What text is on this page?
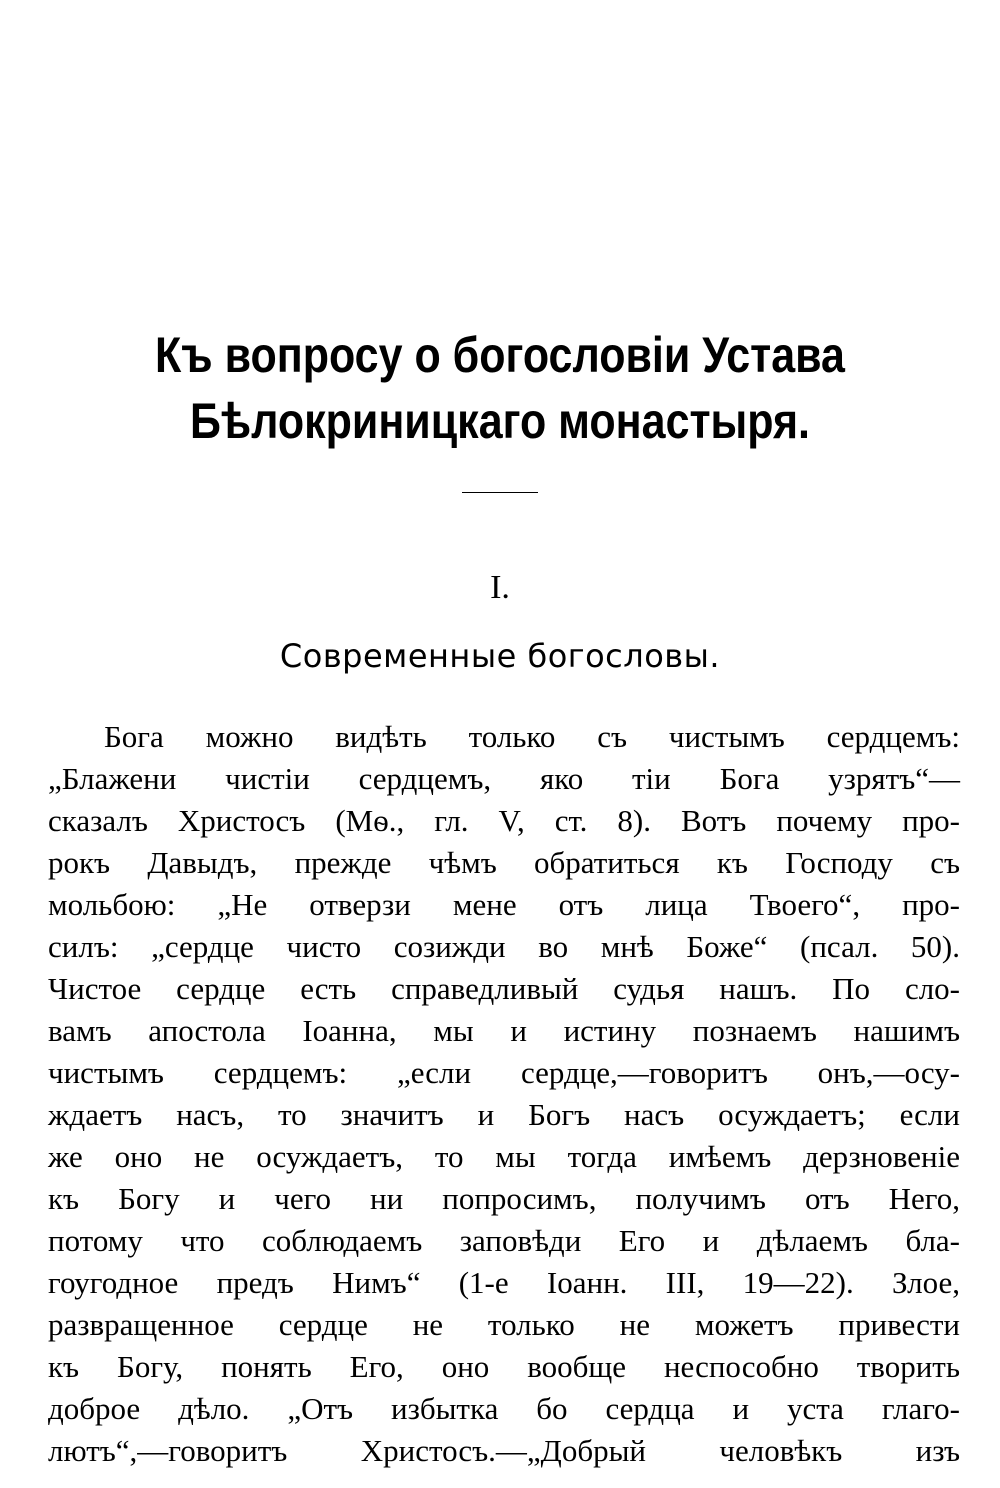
Къ вопросу о богословіи Устава
Бѣлокриницкаго монастыря.
I.
Современные богословы.
Бога можно видѣть только съ чистымъ сердцемъ:
„Блажени чистіи сердцемъ, яко тіи Бога узрятъ“—
сказалъ Христосъ (Мѳ., гл. V, ст. 8). Вотъ почему про-
рокъ Давыдъ, прежде чѣмъ обратиться къ Господу съ
мольбою: „Не отверзи мене отъ лица Твоего“, про-
силъ: „сердце чисто созижди во мнѣ Боже“ (псал. 50).
Чистое сердце есть справедливый судья нашъ. По сло-
вамъ апостола Іоанна, мы и истину познаемъ нашимъ
чистымъ сердцемъ: „если сердце,—говоритъ онъ,—осу-
ждаетъ насъ, то значитъ и Богъ насъ осуждаетъ; если
же оно не осуждаетъ, то мы тогда имѣемъ дерзновеніе
къ Богу и чего ни попросимъ, получимъ отъ Него,
потому что соблюдаемъ заповѣди Его и дѣлаемъ бла-
гоугодное предъ Нимъ“ (1-е Іоанн. III, 19—22). Злое,
развращенное сердце не только не можетъ привести
къ Богу, понять Его, оно вообще неспособно творить
доброе дѣло. „Отъ избытка бо сердца и уста глаго-
лютъ“,—говоритъ Христосъ.—„Добрый человѣкъ изъ
